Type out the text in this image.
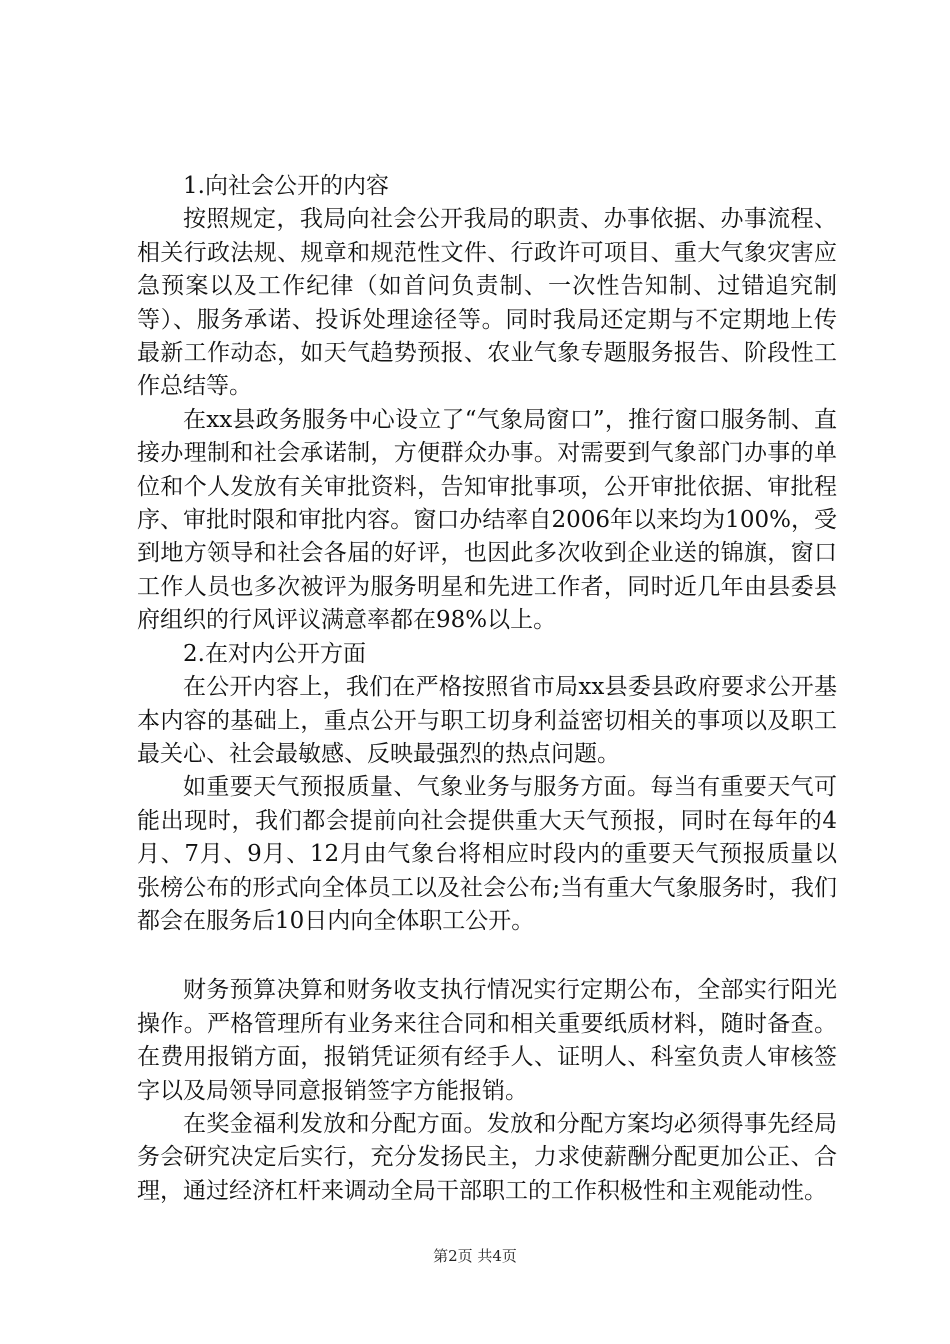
1.向社会公开的内容

按照规定，我局向社会公开我局的职责、办事依据、办事流程、相关行政法规、规章和规范性文件、行政许可项目、重大气象灾害应急预案以及工作纪律（如首问负责制、一次性告知制、过错追究制等）、服务承诺、投诉处理途径等。同时我局还定期与不定期地上传最新工作动态，如天气趋势预报、农业气象专题服务报告、阶段性工作总结等。

在xx县政务服务中心设立了“气象局窗口”，推行窗口服务制、直接办理制和社会承诺制，方便群众办事。对需要到气象部门办事的单位和个人发放有关审批资料，告知审批事项，公开审批依据、审批程序、审批时限和审批内容。窗口办结率自2006年以来均为100%，受到地方领导和社会各届的好评，也因此多次收到企业送的锦旗，窗口工作人员也多次被评为服务明星和先进工作者，同时近几年由县委县府组织的行风评议满意率都在98%以上。

2.在对内公开方面

在公开内容上，我们在严格按照省市局xx县委县政府要求公开基本内容的基础上，重点公开与职工切身利益密切相关的事项以及职工最关心、社会最敏感、反映最强烈的热点问题。

如重要天气预报质量、气象业务与服务方面。每当有重要天气可能出现时，我们都会提前向社会提供重大天气预报，同时在每年的4月、7月、9月、12月由气象台将相应时段内的重要天气预报质量以张榜公布的形式向全体员工以及社会公布;当有重大气象服务时，我们都会在服务后10日内向全体职工公开。

财务预算决算和财务收支执行情况实行定期公布，全部实行阳光操作。严格管理所有业务来往合同和相关重要纸质材料，随时备查。在费用报销方面，报销凭证须有经手人、证明人、科室负责人审核签字以及局领导同意报销签字方能报销。

在奖金福利发放和分配方面。发放和分配方案均必须得事先经局务会研究决定后实行，充分发扬民主，力求使薪酬分配更加公正、合理，通过经济杠杆来调动全局干部职工的工作积极性和主观能动性。

第2页 共4页
